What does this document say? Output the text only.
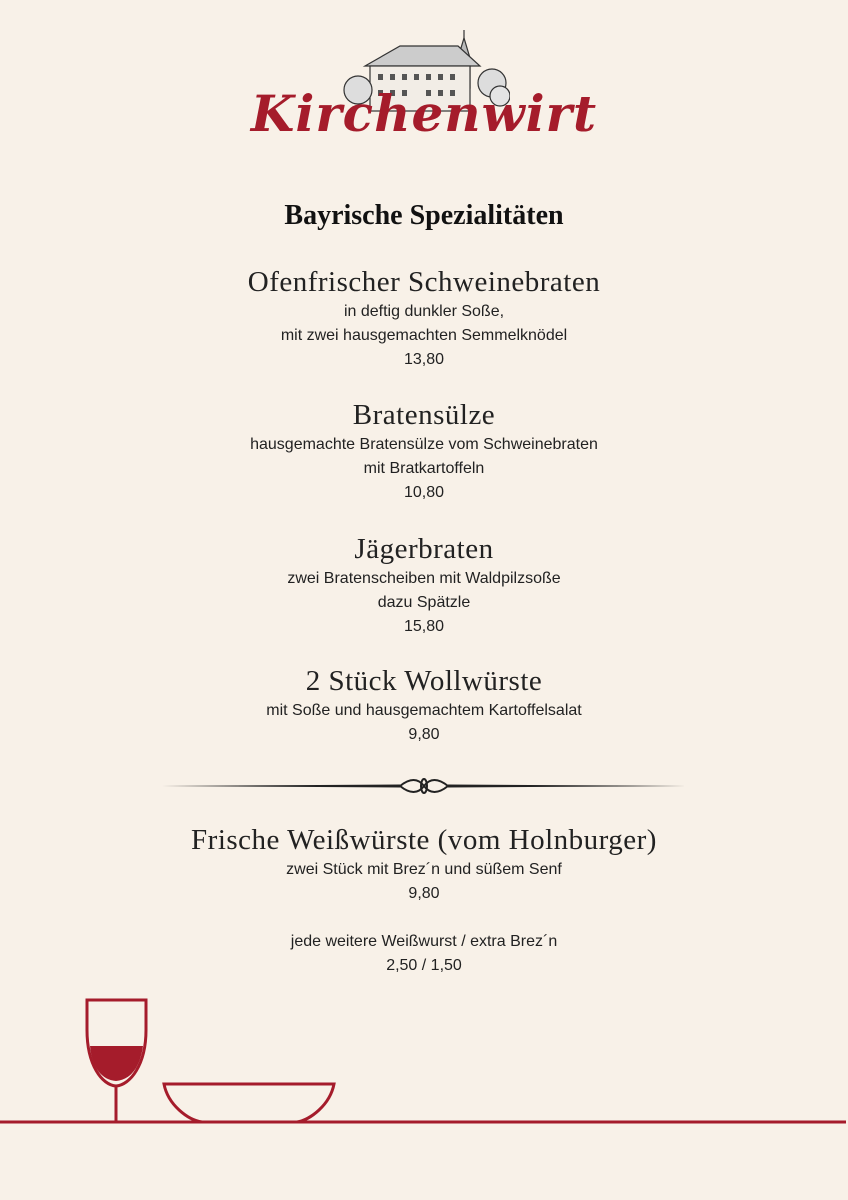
Kirchenwirt
Bayrische Spezialitäten
Ofenfrischer Schweinebraten
in deftig dunkler Soße,
mit zwei hausgemachten Semmelknödel
13,80
Bratensülze
hausgemachte Bratensülze vom Schweinebraten
mit Bratkartoffeln
10,80
Jägerbraten
zwei Bratenscheiben mit Waldpilzsoße
dazu Spätzle
15,80
2 Stück Wollwürste
mit Soße und hausgemachtem Kartoffelsalat
9,80
Frische Weißwürste (vom Holnburger)
zwei Stück mit Brez´n und süßem Senf
9,80
jede weitere Weißwurst / extra Brez´n
2,50 / 1,50
